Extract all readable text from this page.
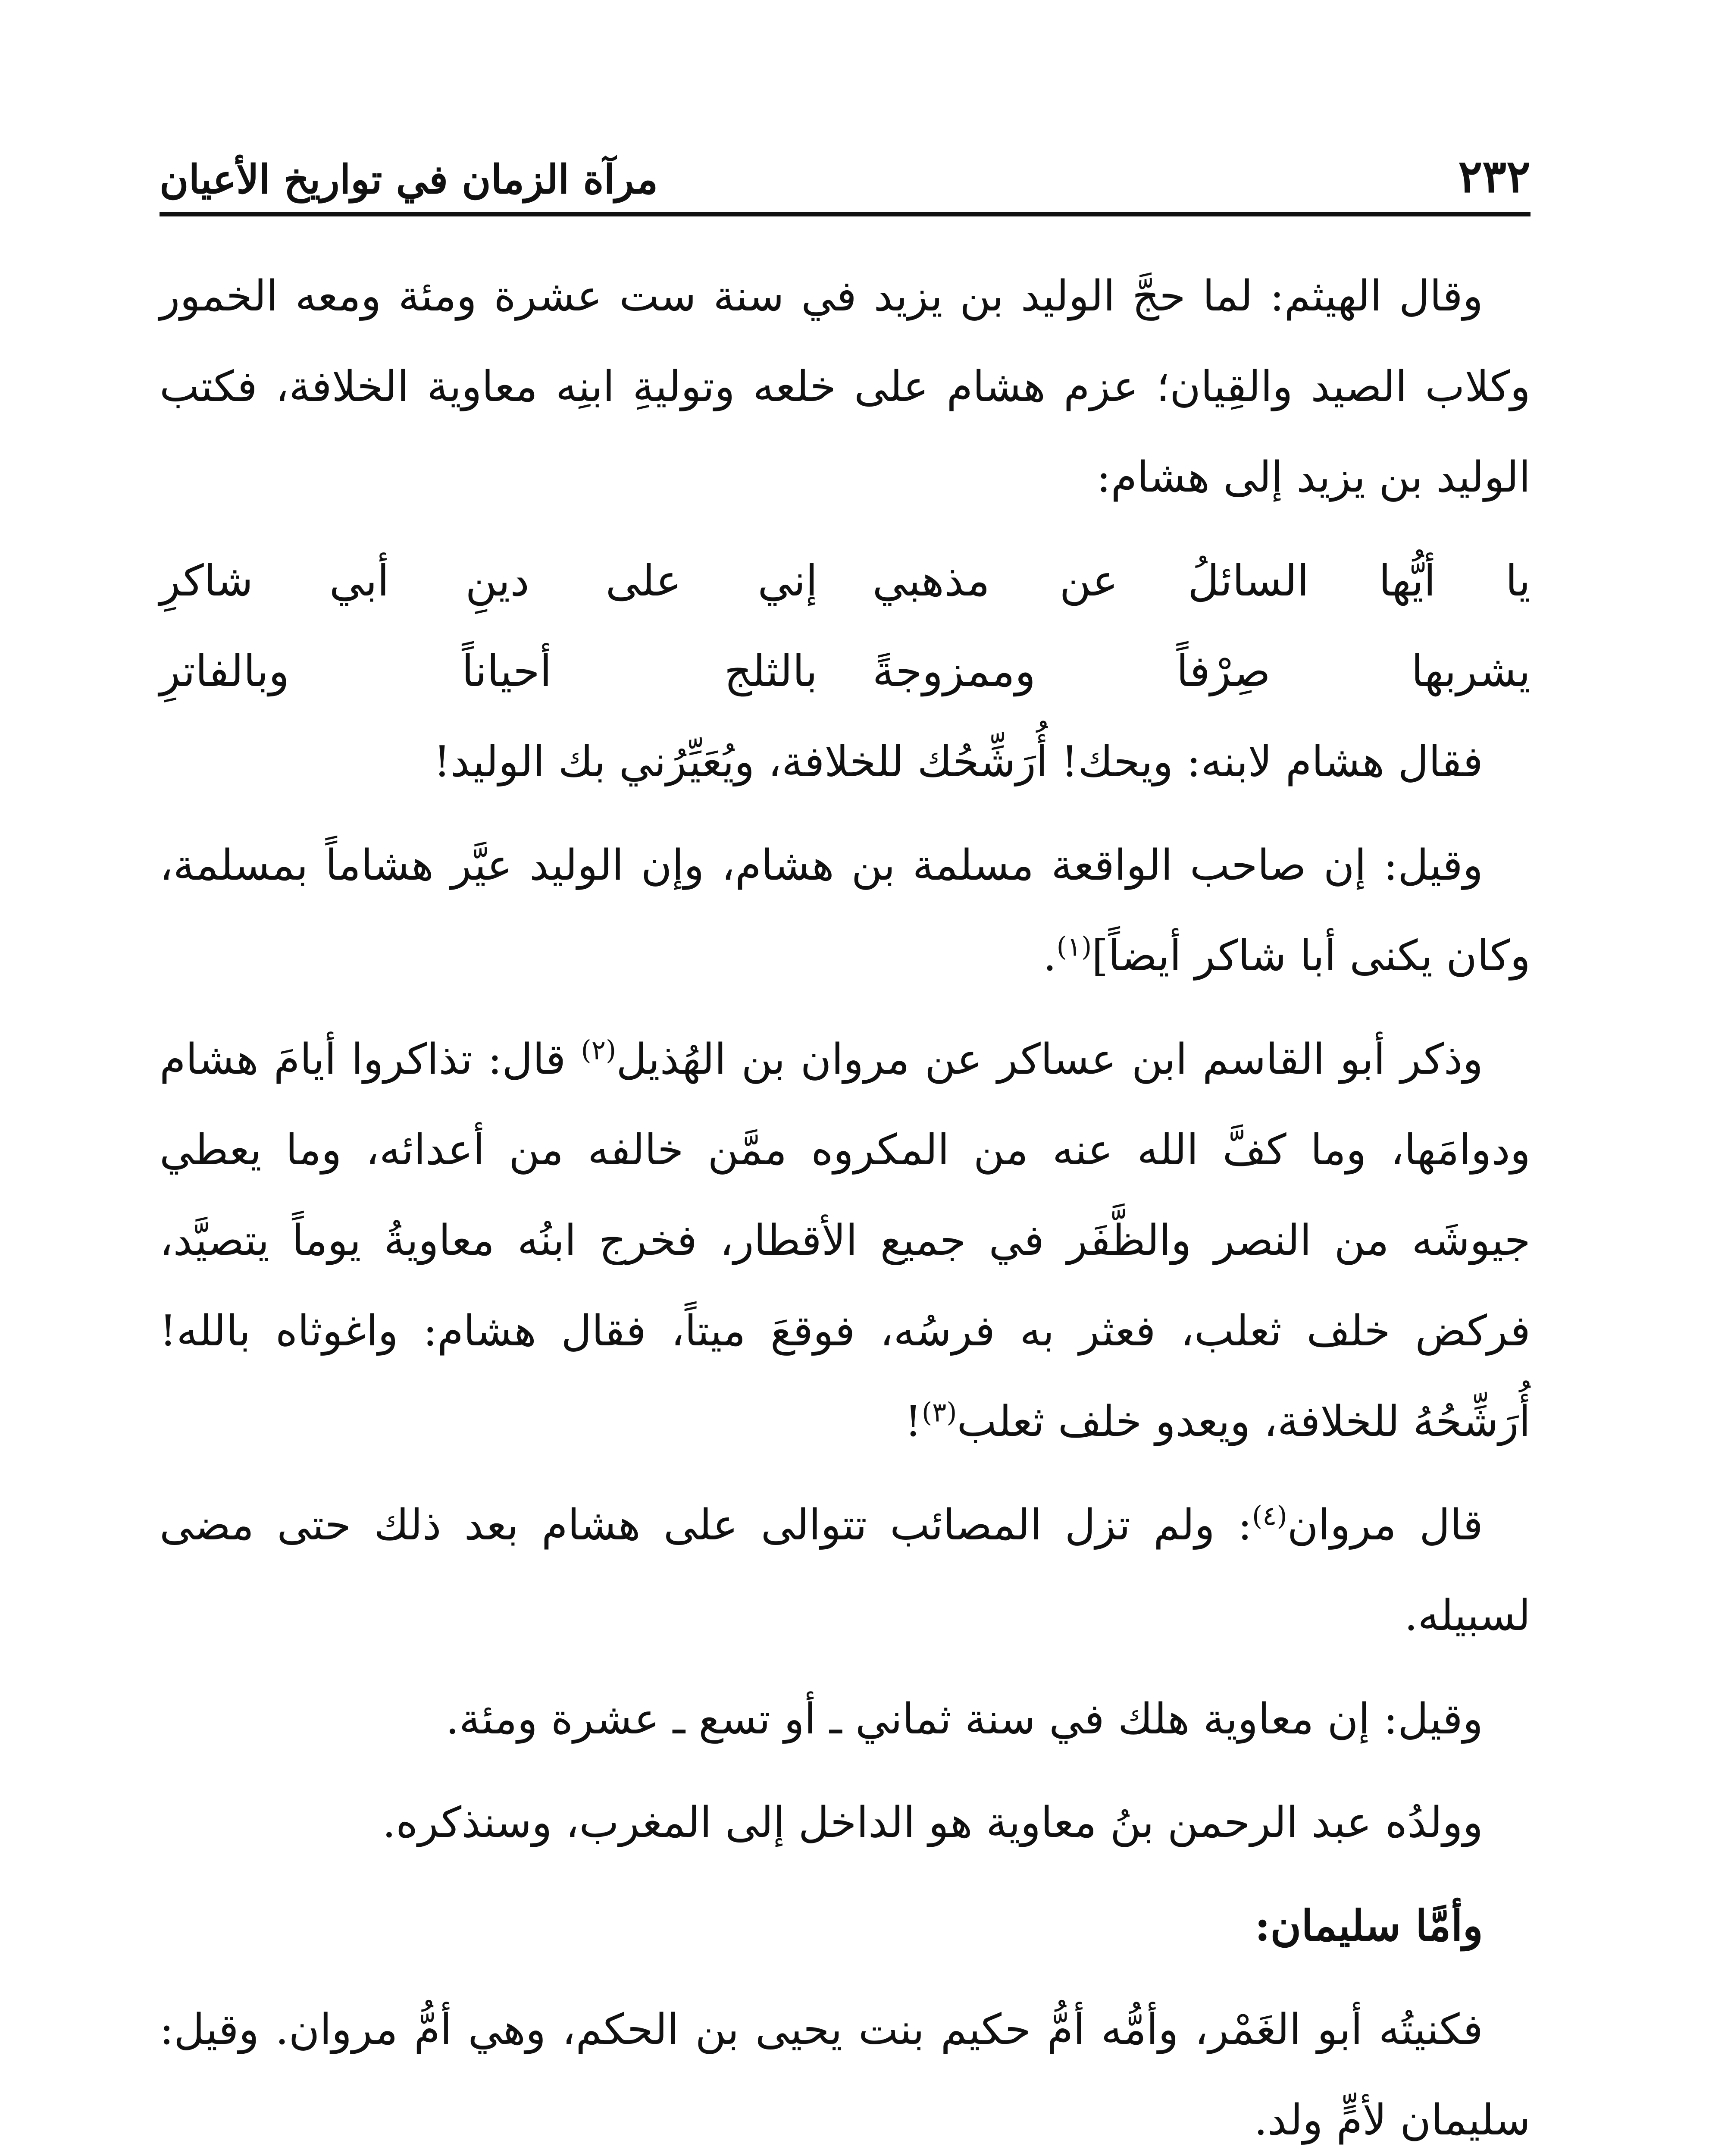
٢٣٢
مرآة الزمان في تواريخ الأعيان

وقال الهيثم: لما حجَّ الوليد بن يزيد في سنة ست عشرة ومئة ومعه الخمور وكلاب الصيد والقِيان؛ عزم هشام على خلعه وتوليةِ ابنِه معاوية الخلافة، فكتب الوليد بن يزيد إلى هشام:

يا أيُّها السائلُ عن مذهبي
إني على دينِ أبي شاكرِ
يشربها صِرْفاً وممزوجةً
بالثلج أحياناً وبالفاترِ

فقال هشام لابنه: ويحك! أُرَشِّحُك للخلافة، ويُعَيِّرُني بك الوليد!

وقيل: إن صاحب الواقعة مسلمة بن هشام، وإن الوليد عيَّر هشاماً بمسلمة، وكان يكنى أبا شاكر أيضاً]$^{(١)}$.

وذكر أبو القاسم ابن عساكر عن مروان بن الهُذيل$^{(٢)}$ قال: تذاكروا أيامَ هشام ودوامَها، وما كفَّ الله عنه من المكروه ممَّن خالفه من أعدائه، وما يعطي جيوشَه من النصر والظَّفَر في جميع الأقطار، فخرج ابنُه معاويةُ يوماً يتصيَّد، فركض خلف ثعلب، فعثر به فرسُه، فوقعَ ميتاً، فقال هشام: واغوثاه بالله! أُرَشِّحُهُ للخلافة، ويعدو خلف ثعلب$^{(٣)}$!

قال مروان$^{(٤)}$: ولم تزل المصائب تتوالى على هشام بعد ذلك حتى مضى لسبيله.

وقيل: إن معاوية هلك في سنة ثماني ـ أو تسع ـ عشرة ومئة.

وولدُه عبد الرحمن بنُ معاوية هو الداخل إلى المغرب، وسنذكره.

وأمَّا سليمان:

فكنيتُه أبو الغَمْر، وأمُّه أمُّ حكيم بنت يحيى بن الحكم، وهي أمُّ مروان. وقيل: سليمان لأمٍّ ولد.
